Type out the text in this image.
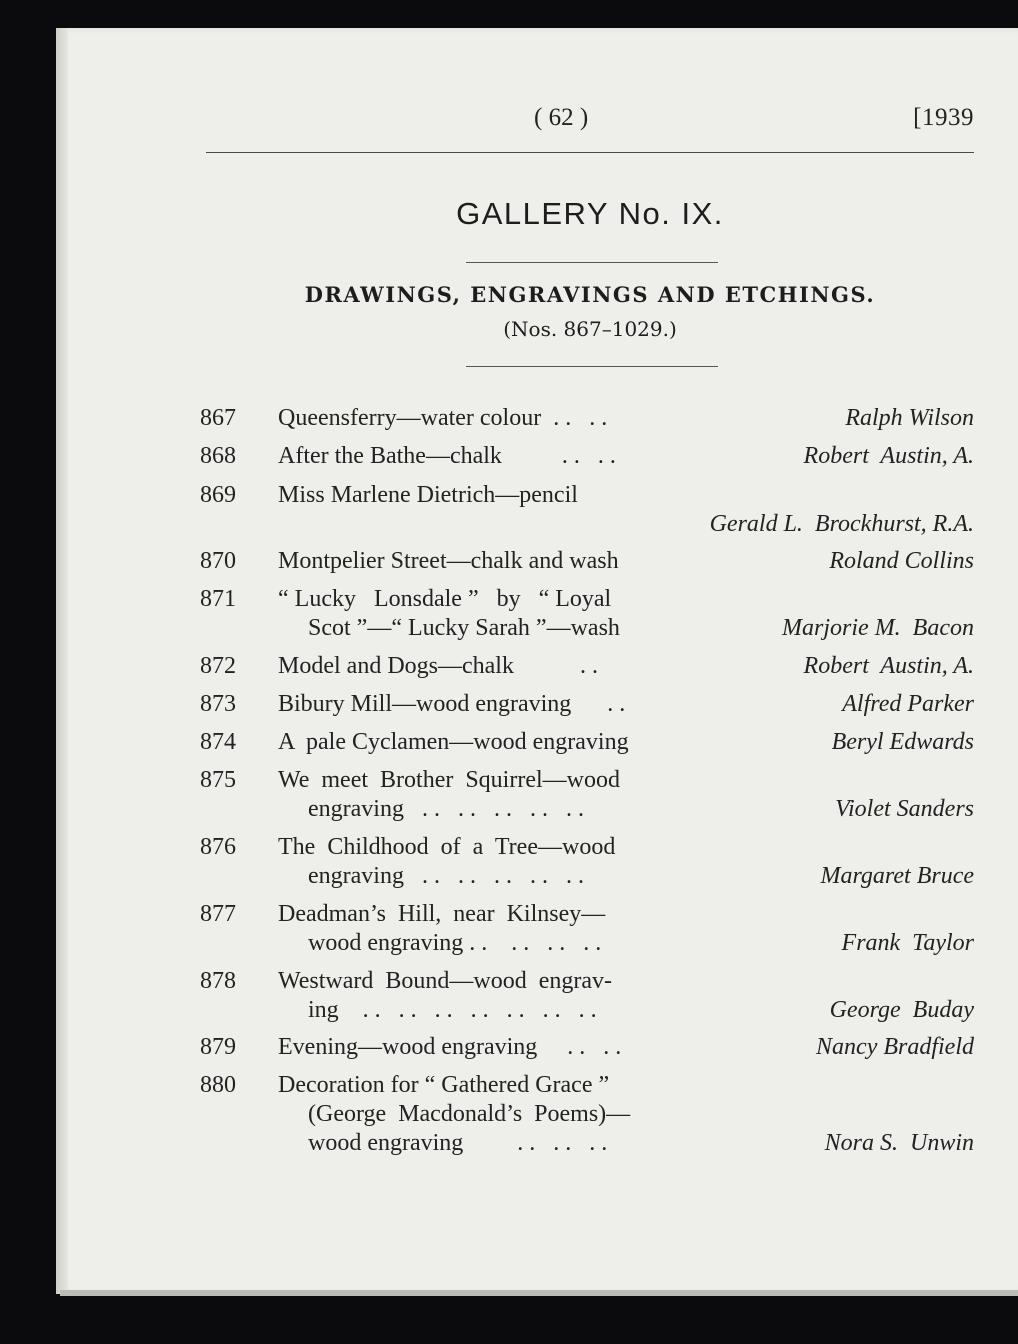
( 62 )	[1939
GALLERY No. IX.
DRAWINGS, ENGRAVINGS AND ETCHINGS.
(Nos. 867–1029.)
867	Queensferry—water colour  . .   . .	Ralph Wilson
868	After the Bathe—chalk          . .   . .	Robert  Austin, A.
869	Miss Marlene Dietrich—pencil
Gerald L.  Brockhurst, R.A.
870	Montpelier Street—chalk and wash	Roland Collins
871	“ Lucky   Lonsdale ”   by   “ Loyal
Scot ”—“ Lucky Sarah ”—wash	Marjorie M.  Bacon
872	Model and Dogs—chalk           . .	Robert  Austin, A.
873	Bibury Mill—wood engraving      . .	Alfred Parker
874	A  pale Cyclamen—wood engraving	Beryl Edwards
875	We  meet  Brother  Squirrel—wood
engraving   . .   . .   . .   . .   . .	Violet Sanders
876	The  Childhood  of  a  Tree—wood
engraving   . .   . .   . .   . .   . .	Margaret Bruce
877	Deadman’s  Hill,  near  Kilnsey—
wood engraving . .    . .   . .   . .	Frank  Taylor
878	Westward  Bound—wood  engrav-
ing    . .   . .   . .   . .   . .   . .   . .	George  Buday
879	Evening—wood engraving     . .   . .	Nancy Bradfield
880	Decoration for “ Gathered Grace ”
(George  Macdonald’s  Poems)—
wood engraving         . .   . .   . .	Nora S.  Unwin
